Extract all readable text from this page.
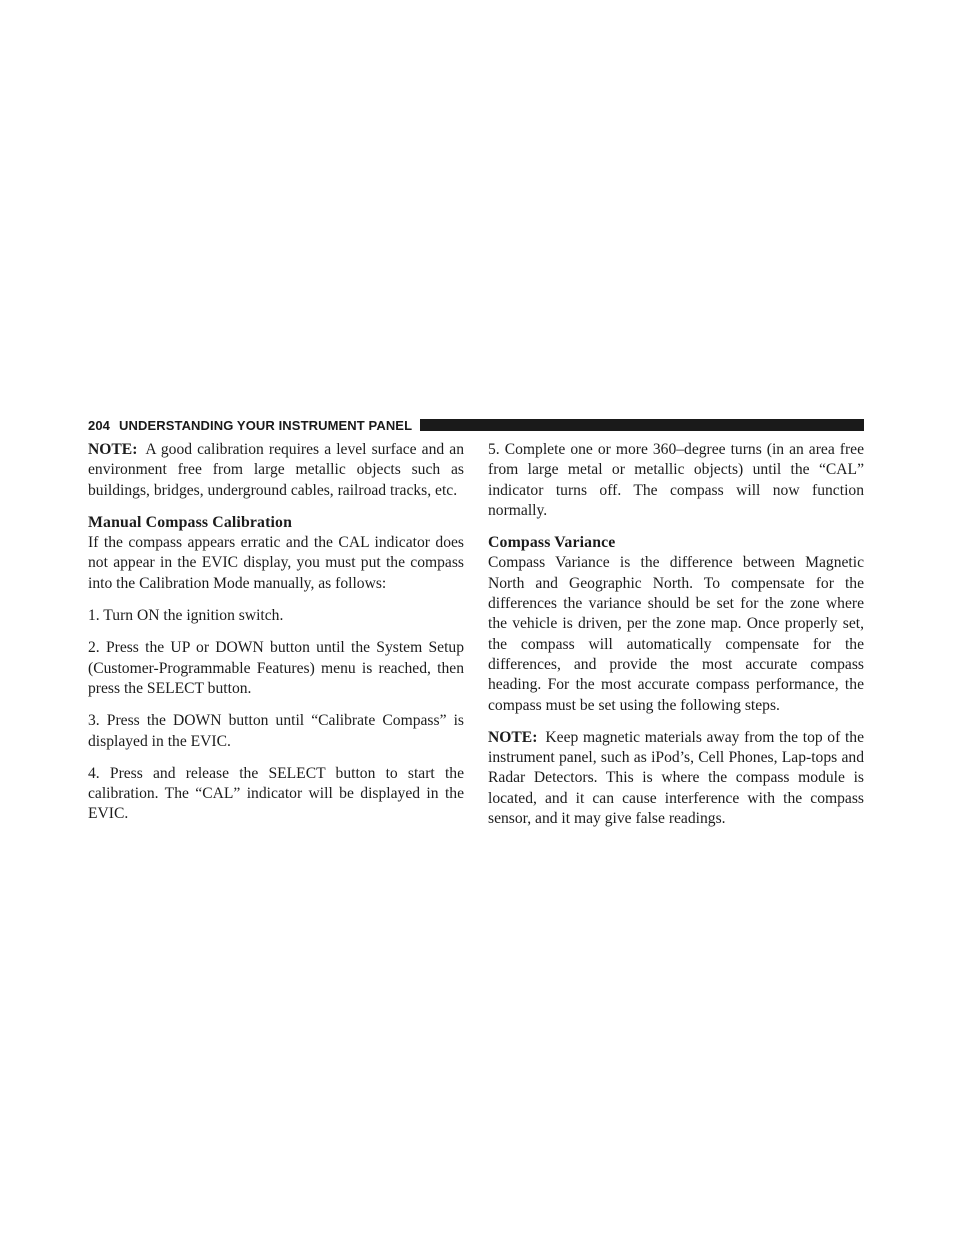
204 UNDERSTANDING YOUR INSTRUMENT PANEL

NOTE: A good calibration requires a level surface and an environment free from large metallic objects such as buildings, bridges, underground cables, railroad tracks, etc.

Manual Compass Calibration

If the compass appears erratic and the CAL indicator does not appear in the EVIC display, you must put the compass into the Calibration Mode manually, as follows:

1. Turn ON the ignition switch.

2. Press the UP or DOWN button until the System Setup (Customer-Programmable Features) menu is reached, then press the SELECT button.

3. Press the DOWN button until “Calibrate Compass” is displayed in the EVIC.

4. Press and release the SELECT button to start the calibration. The “CAL” indicator will be displayed in the EVIC.

5. Complete one or more 360–degree turns (in an area free from large metal or metallic objects) until the “CAL” indicator turns off. The compass will now function normally.

Compass Variance

Compass Variance is the difference between Magnetic North and Geographic North. To compensate for the differences the variance should be set for the zone where the vehicle is driven, per the zone map. Once properly set, the compass will automatically compensate for the differences, and provide the most accurate compass heading. For the most accurate compass performance, the compass must be set using the following steps.

NOTE: Keep magnetic materials away from the top of the instrument panel, such as iPod’s, Cell Phones, Lap-tops and Radar Detectors. This is where the compass module is located, and it can cause interference with the compass sensor, and it may give false readings.
